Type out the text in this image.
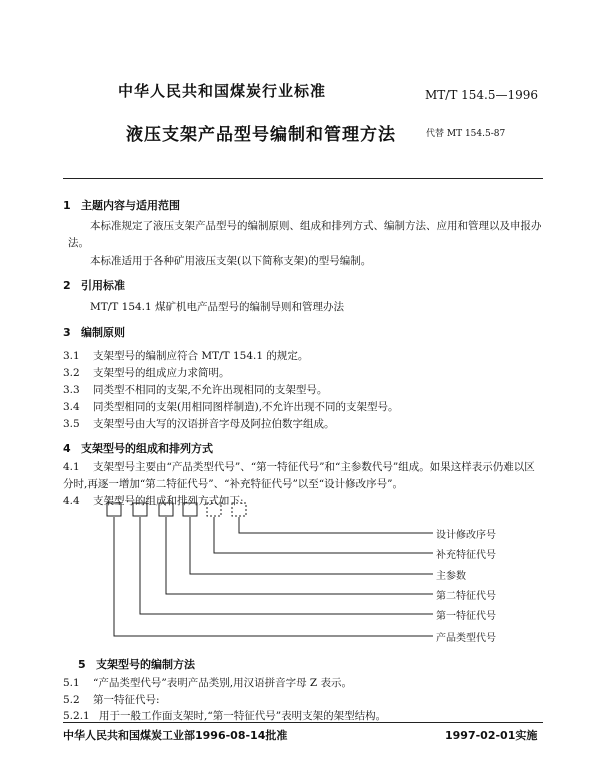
中华人民共和国煤炭行业标准	MT/T 154.5—1996
液压支架产品型号编制和管理方法	代替 MT 154.5-87
1 主题内容与适用范围
本标准规定了液压支架产品型号的编制原则、组成和排列方式、编制方法、应用和管理以及申报办法。
本标准适用于各种矿用液压支架(以下简称支架)的型号编制。
2 引用标准
MT/T 154.1 煤矿机电产品型号的编制导则和管理办法
3 编制原则
3.1 支架型号的编制应符合 MT/T 154.1 的规定。
3.2 支架型号的组成应力求简明。
3.3 同类型不相同的支架,不允许出现相同的支架型号。
3.4 同类型相同的支架(用相同图样制造),不允许出现不同的支架型号。
3.5 支架型号由大写的汉语拼音字母及阿拉伯数字组成。
4 支架型号的组成和排列方式
4.1	支架型号主要由“产品类型代号”、“第一特征代号”和“主参数代号”组成。如果这样表示仍难以区分时,再逐一增加“第二特征代号”、“补充特征代号”以至“设计修改序号”。
4.4 支架型号的组成和排列方式如下:
设计修改序号
补充特征代号
主参数
第二特征代号
第一特征代号
产品类型代号
5 支架型号的编制方法
5.1 “产品类型代号”表明产品类别,用汉语拼音字母 Z 表示。
5.2 第一特征代号:
5.2.1 用于一般工作面支架时,“第一特征代号”表明支架的架型结构。
中华人民共和国煤炭工业部1996-08-14批准	1997-02-01实施
